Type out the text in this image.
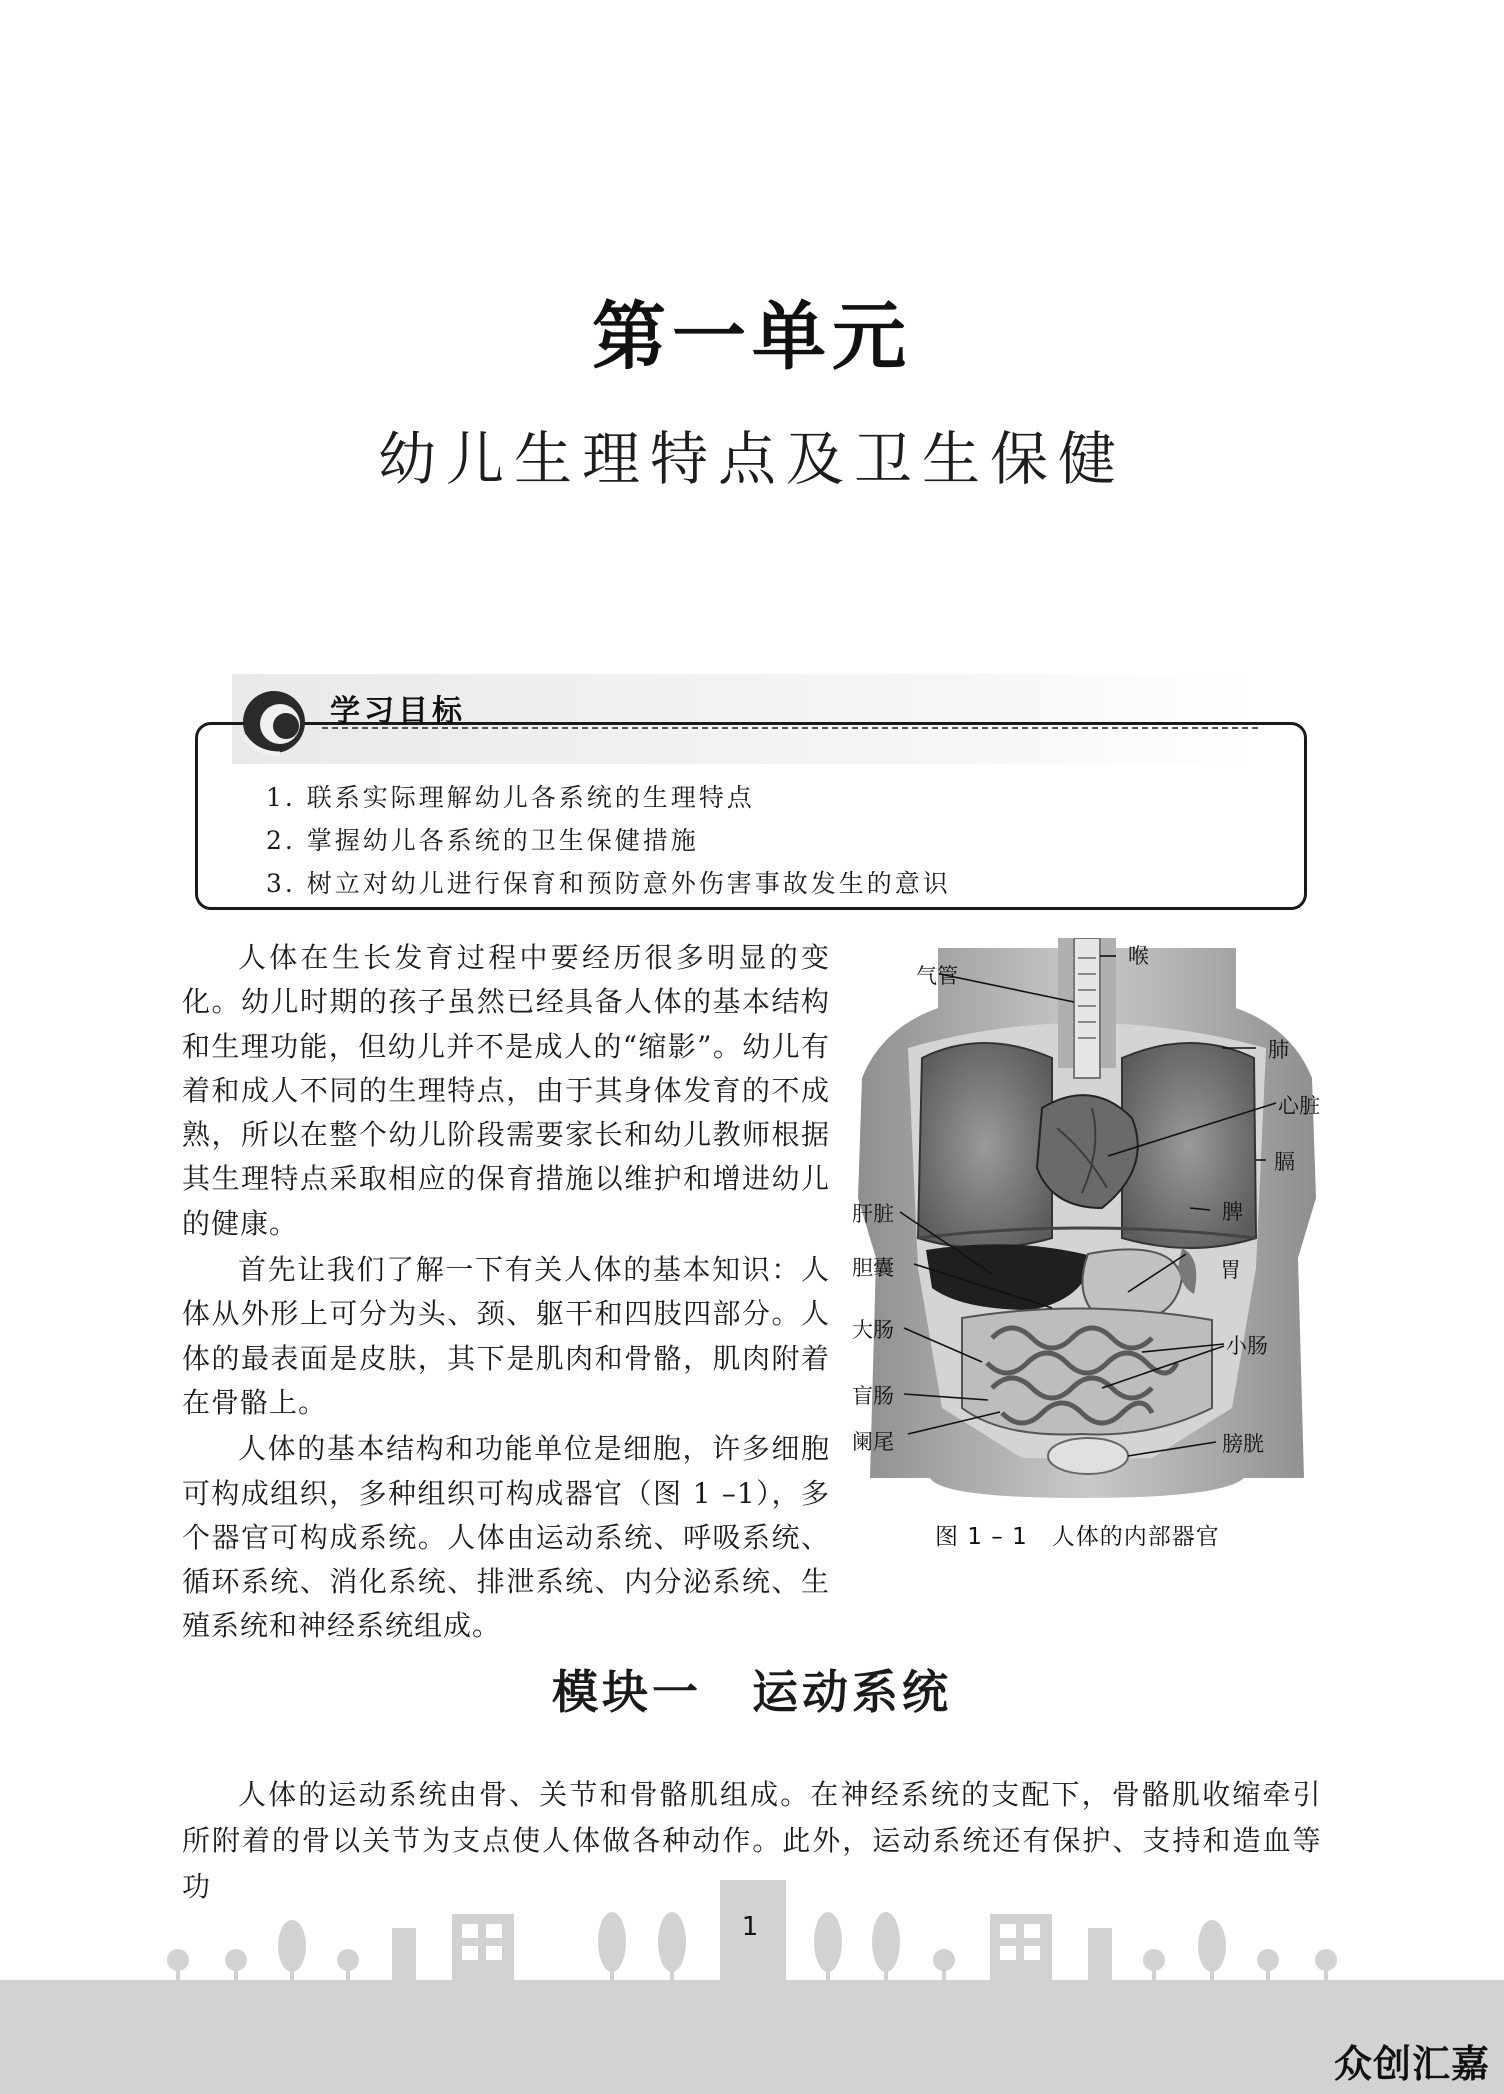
第一单元
幼儿生理特点及卫生保健
学习目标
1. 联系实际理解幼儿各系统的生理特点
2. 掌握幼儿各系统的卫生保健措施
3. 树立对幼儿进行保育和预防意外伤害事故发生的意识

人体在生长发育过程中要经历很多明显的变化。幼儿时期的孩子虽然已经具备人体的基本结构和生理功能，但幼儿并不是成人的“缩影”。幼儿有着和成人不同的生理特点，由于其身体发育的不成熟，所以在整个幼儿阶段需要家长和幼儿教师根据其生理特点采取相应的保育措施以维护和增进幼儿的健康。

首先让我们了解一下有关人体的基本知识：人体从外形上可分为头、颈、躯干和四肢四部分。人体的最表面是皮肤，其下是肌肉和骨骼，肌肉附着在骨骼上。

人体的基本结构和功能单位是细胞，许多细胞可构成组织，多种组织可构成器官（图 1 –1），多个器官可构成系统。人体由运动系统、呼吸系统、循环系统、消化系统、排泄系统、内分泌系统、生殖系统和神经系统组成。

喉
气管
肺
心脏
膈
肝脏	脾
胆囊	胃
大肠
小肠
盲肠
阑尾	膀胱
图 1 – 1　人体的内部器官
模块一 运动系统

人体的运动系统由骨、关节和骨骼肌组成。在神经系统的支配下，骨骼肌收缩牵引所附着的骨以关节为支点使人体做各种动作。此外，运动系统还有保护、支持和造血等功

1
众创汇嘉
